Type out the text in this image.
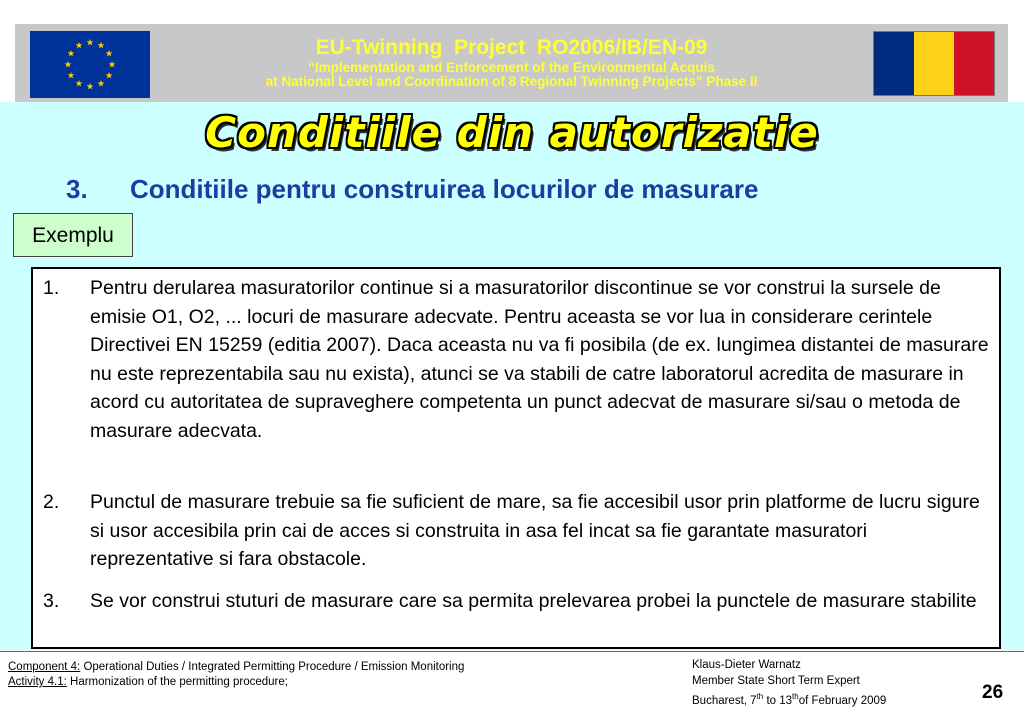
EU-Twinning  Project  RO2006/IB/EN-09
“Implementation and Enforcement of the Environmental Acquis
at National Level and Coordination of 8 Regional Twinning Projects” Phase II
Conditiile din autorizatie
3. Conditiile pentru construirea locurilor de masurare
Exemplu
1. Pentru derularea masuratorilor continue si a masuratorilor discontinue se vor construi la sursele de emisie O1, O2, ... locuri de masurare adecvate. Pentru aceasta se vor lua in considerare cerintele Directivei EN 15259 (editia 2007). Daca aceasta nu va fi posibila (de ex. lungimea distantei de masurare nu este reprezentabila sau nu exista), atunci se va stabili de catre laboratorul acredita de masurare in acord cu autoritatea de supraveghere competenta un punct adecvat de masurare si/sau o metoda de masurare adecvata.
2. Punctul de masurare trebuie sa fie suficient de mare, sa fie accesibil usor prin platforme de lucru sigure si usor accesibila prin cai de acces si construita in asa fel incat sa fie garantate masuratori reprezentative si fara obstacole.
3. Se vor construi stuturi de masurare care sa permita prelevarea probei la punctele de masurare stabilite
Component 4: Operational Duties / Integrated Permitting Procedure / Emission Monitoring
Activity 4.1: Harmonization of the permitting procedure;
Klaus-Dieter Warnatz
Member State Short Term Expert
Bucharest, 7th to 13thof February 2009	26
